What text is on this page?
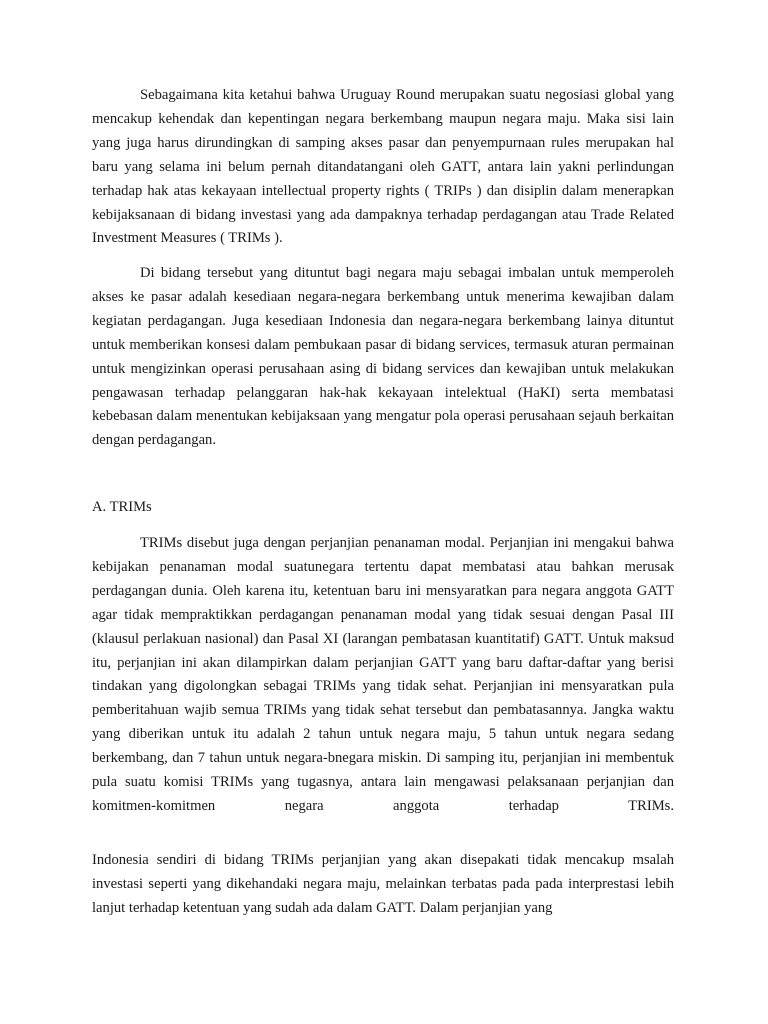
Sebagaimana kita ketahui bahwa Uruguay Round merupakan suatu negosiasi global yang mencakup kehendak dan kepentingan negara berkembang maupun negara maju. Maka sisi lain yang juga harus dirundingkan di samping akses pasar dan penyempurnaan rules merupakan hal baru yang selama ini belum pernah ditandatangani oleh GATT, antara lain yakni perlindungan terhadap hak atas kekayaan intellectual property rights ( TRIPs ) dan disiplin dalam menerapkan kebijaksanaan di bidang investasi yang ada dampaknya terhadap perdagangan atau Trade Related Investment Measures ( TRIMs ).

Di bidang tersebut yang dituntut bagi negara maju sebagai imbalan untuk memperoleh akses ke pasar adalah kesediaan negara-negara berkembang untuk menerima kewajiban dalam kegiatan perdagangan. Juga kesediaan Indonesia dan negara-negara berkembang lainya dituntut untuk memberikan konsesi dalam pembukaan pasar di bidang services, termasuk aturan permainan untuk mengizinkan operasi perusahaan asing di bidang services dan kewajiban untuk melakukan pengawasan terhadap pelanggaran hak-hak kekayaan intelektual (HaKI) serta membatasi kebebasan dalam menentukan kebijaksaan yang mengatur pola operasi perusahaan sejauh berkaitan dengan perdagangan.

A. TRIMs

TRIMs disebut juga dengan perjanjian penanaman modal. Perjanjian ini mengakui bahwa kebijakan penanaman modal suatunegara tertentu dapat membatasi atau bahkan merusak perdagangan dunia. Oleh karena itu, ketentuan baru ini mensyaratkan para negara anggota GATT agar tidak mempraktikkan perdagangan penanaman modal yang tidak sesuai dengan Pasal III (klausul perlakuan nasional) dan Pasal XI (larangan pembatasan kuantitatif) GATT. Untuk maksud itu, perjanjian ini akan dilampirkan dalam perjanjian GATT yang baru daftar-daftar yang berisi tindakan yang digolongkan sebagai TRIMs yang tidak sehat. Perjanjian ini mensyaratkan pula pemberitahuan wajib semua TRIMs yang tidak sehat tersebut dan pembatasannya. Jangka waktu yang diberikan untuk itu adalah 2 tahun untuk negara maju, 5 tahun untuk negara sedang berkembang, dan 7 tahun untuk negara-bnegara miskin. Di samping itu, perjanjian ini membentuk pula suatu komisi TRIMs yang tugasnya, antara lain mengawasi pelaksanaan perjanjian dan komitmen-komitmen negara anggota terhadap TRIMs.

Indonesia sendiri di bidang TRIMs perjanjian yang akan disepakati tidak mencakup msalah investasi seperti yang dikehandaki negara maju, melainkan terbatas pada pada interprestasi lebih lanjut terhadap ketentuan yang sudah ada dalam GATT. Dalam perjanjian yang
